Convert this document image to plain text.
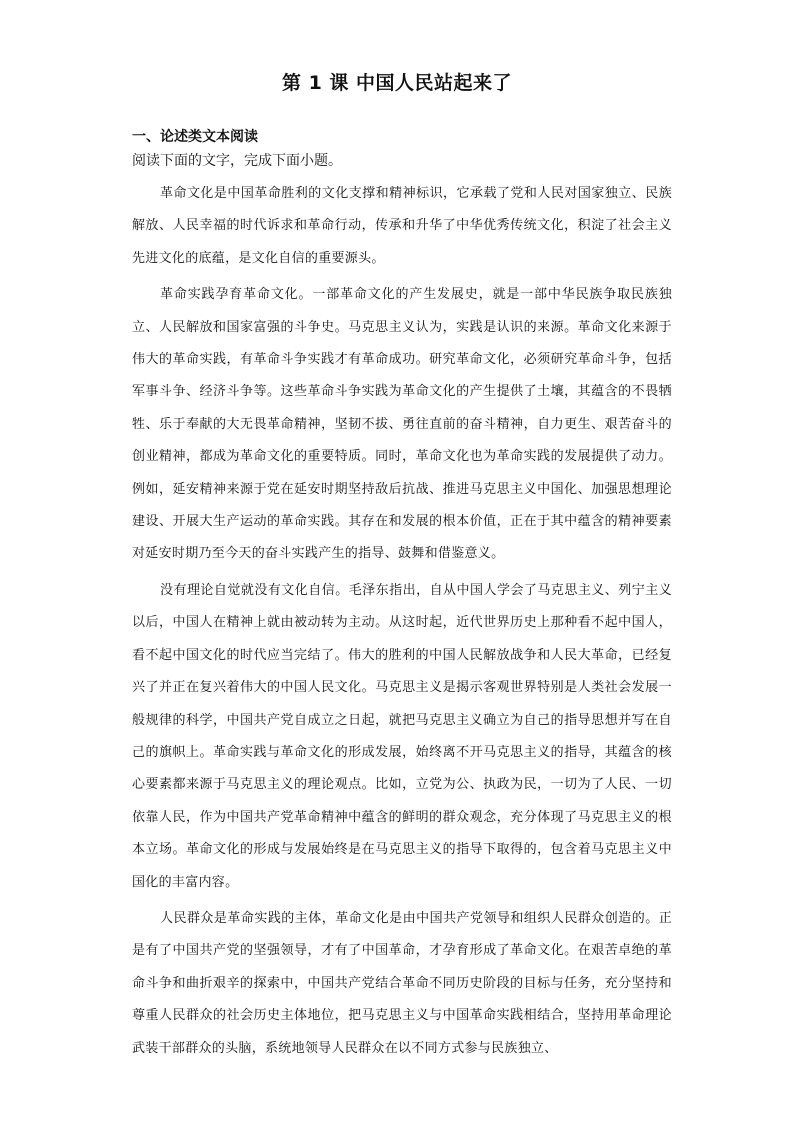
第 1 课 中国人民站起来了
一、论述类文本阅读

阅读下面的文字，完成下面小题。

革命文化是中国革命胜利的文化支撑和精神标识，它承载了党和人民对国家独立、民族解放、人民幸福的时代诉求和革命行动，传承和升华了中华优秀传统文化，积淀了社会主义先进文化的底蕴，是文化自信的重要源头。

革命实践孕育革命文化。一部革命文化的产生发展史，就是一部中华民族争取民族独立、人民解放和国家富强的斗争史。马克思主义认为，实践是认识的来源。革命文化来源于伟大的革命实践，有革命斗争实践才有革命成功。研究革命文化，必须研究革命斗争，包括军事斗争、经济斗争等。这些革命斗争实践为革命文化的产生提供了土壤，其蕴含的不畏牺牲、乐于奉献的大无畏革命精神，坚韧不拔、勇往直前的奋斗精神，自力更生、艰苦奋斗的创业精神，都成为革命文化的重要特质。同时，革命文化也为革命实践的发展提供了动力。例如，延安精神来源于党在延安时期坚持敌后抗战、推进马克思主义中国化、加强思想理论建设、开展大生产运动的革命实践。其存在和发展的根本价值，正在于其中蕴含的精神要素对延安时期乃至今天的奋斗实践产生的指导、鼓舞和借鉴意义。

没有理论自觉就没有文化自信。毛泽东指出，自从中国人学会了马克思主义、列宁主义以后，中国人在精神上就由被动转为主动。从这时起，近代世界历史上那种看不起中国人，看不起中国文化的时代应当完结了。伟大的胜利的中国人民解放战争和人民大革命，已经复兴了并正在复兴着伟大的中国人民文化。马克思主义是揭示客观世界特别是人类社会发展一般规律的科学，中国共产党自成立之日起，就把马克思主义确立为自己的指导思想并写在自己的旗帜上。革命实践与革命文化的形成发展，始终离不开马克思主义的指导，其蕴含的核心要素都来源于马克思主义的理论观点。比如，立党为公、执政为民，一切为了人民、一切依靠人民，作为中国共产党革命精神中蕴含的鲜明的群众观念，充分体现了马克思主义的根本立场。革命文化的形成与发展始终是在马克思主义的指导下取得的，包含着马克思主义中国化的丰富内容。

人民群众是革命实践的主体，革命文化是由中国共产党领导和组织人民群众创造的。正是有了中国共产党的坚强领导，才有了中国革命，才孕育形成了革命文化。在艰苦卓绝的革命斗争和曲折艰辛的探索中，中国共产党结合革命不同历史阶段的目标与任务，充分坚持和尊重人民群众的社会历史主体地位，把马克思主义与中国革命实践相结合，坚持用革命理论武装干部群众的头脑，系统地领导人民群众在以不同方式参与民族独立、
